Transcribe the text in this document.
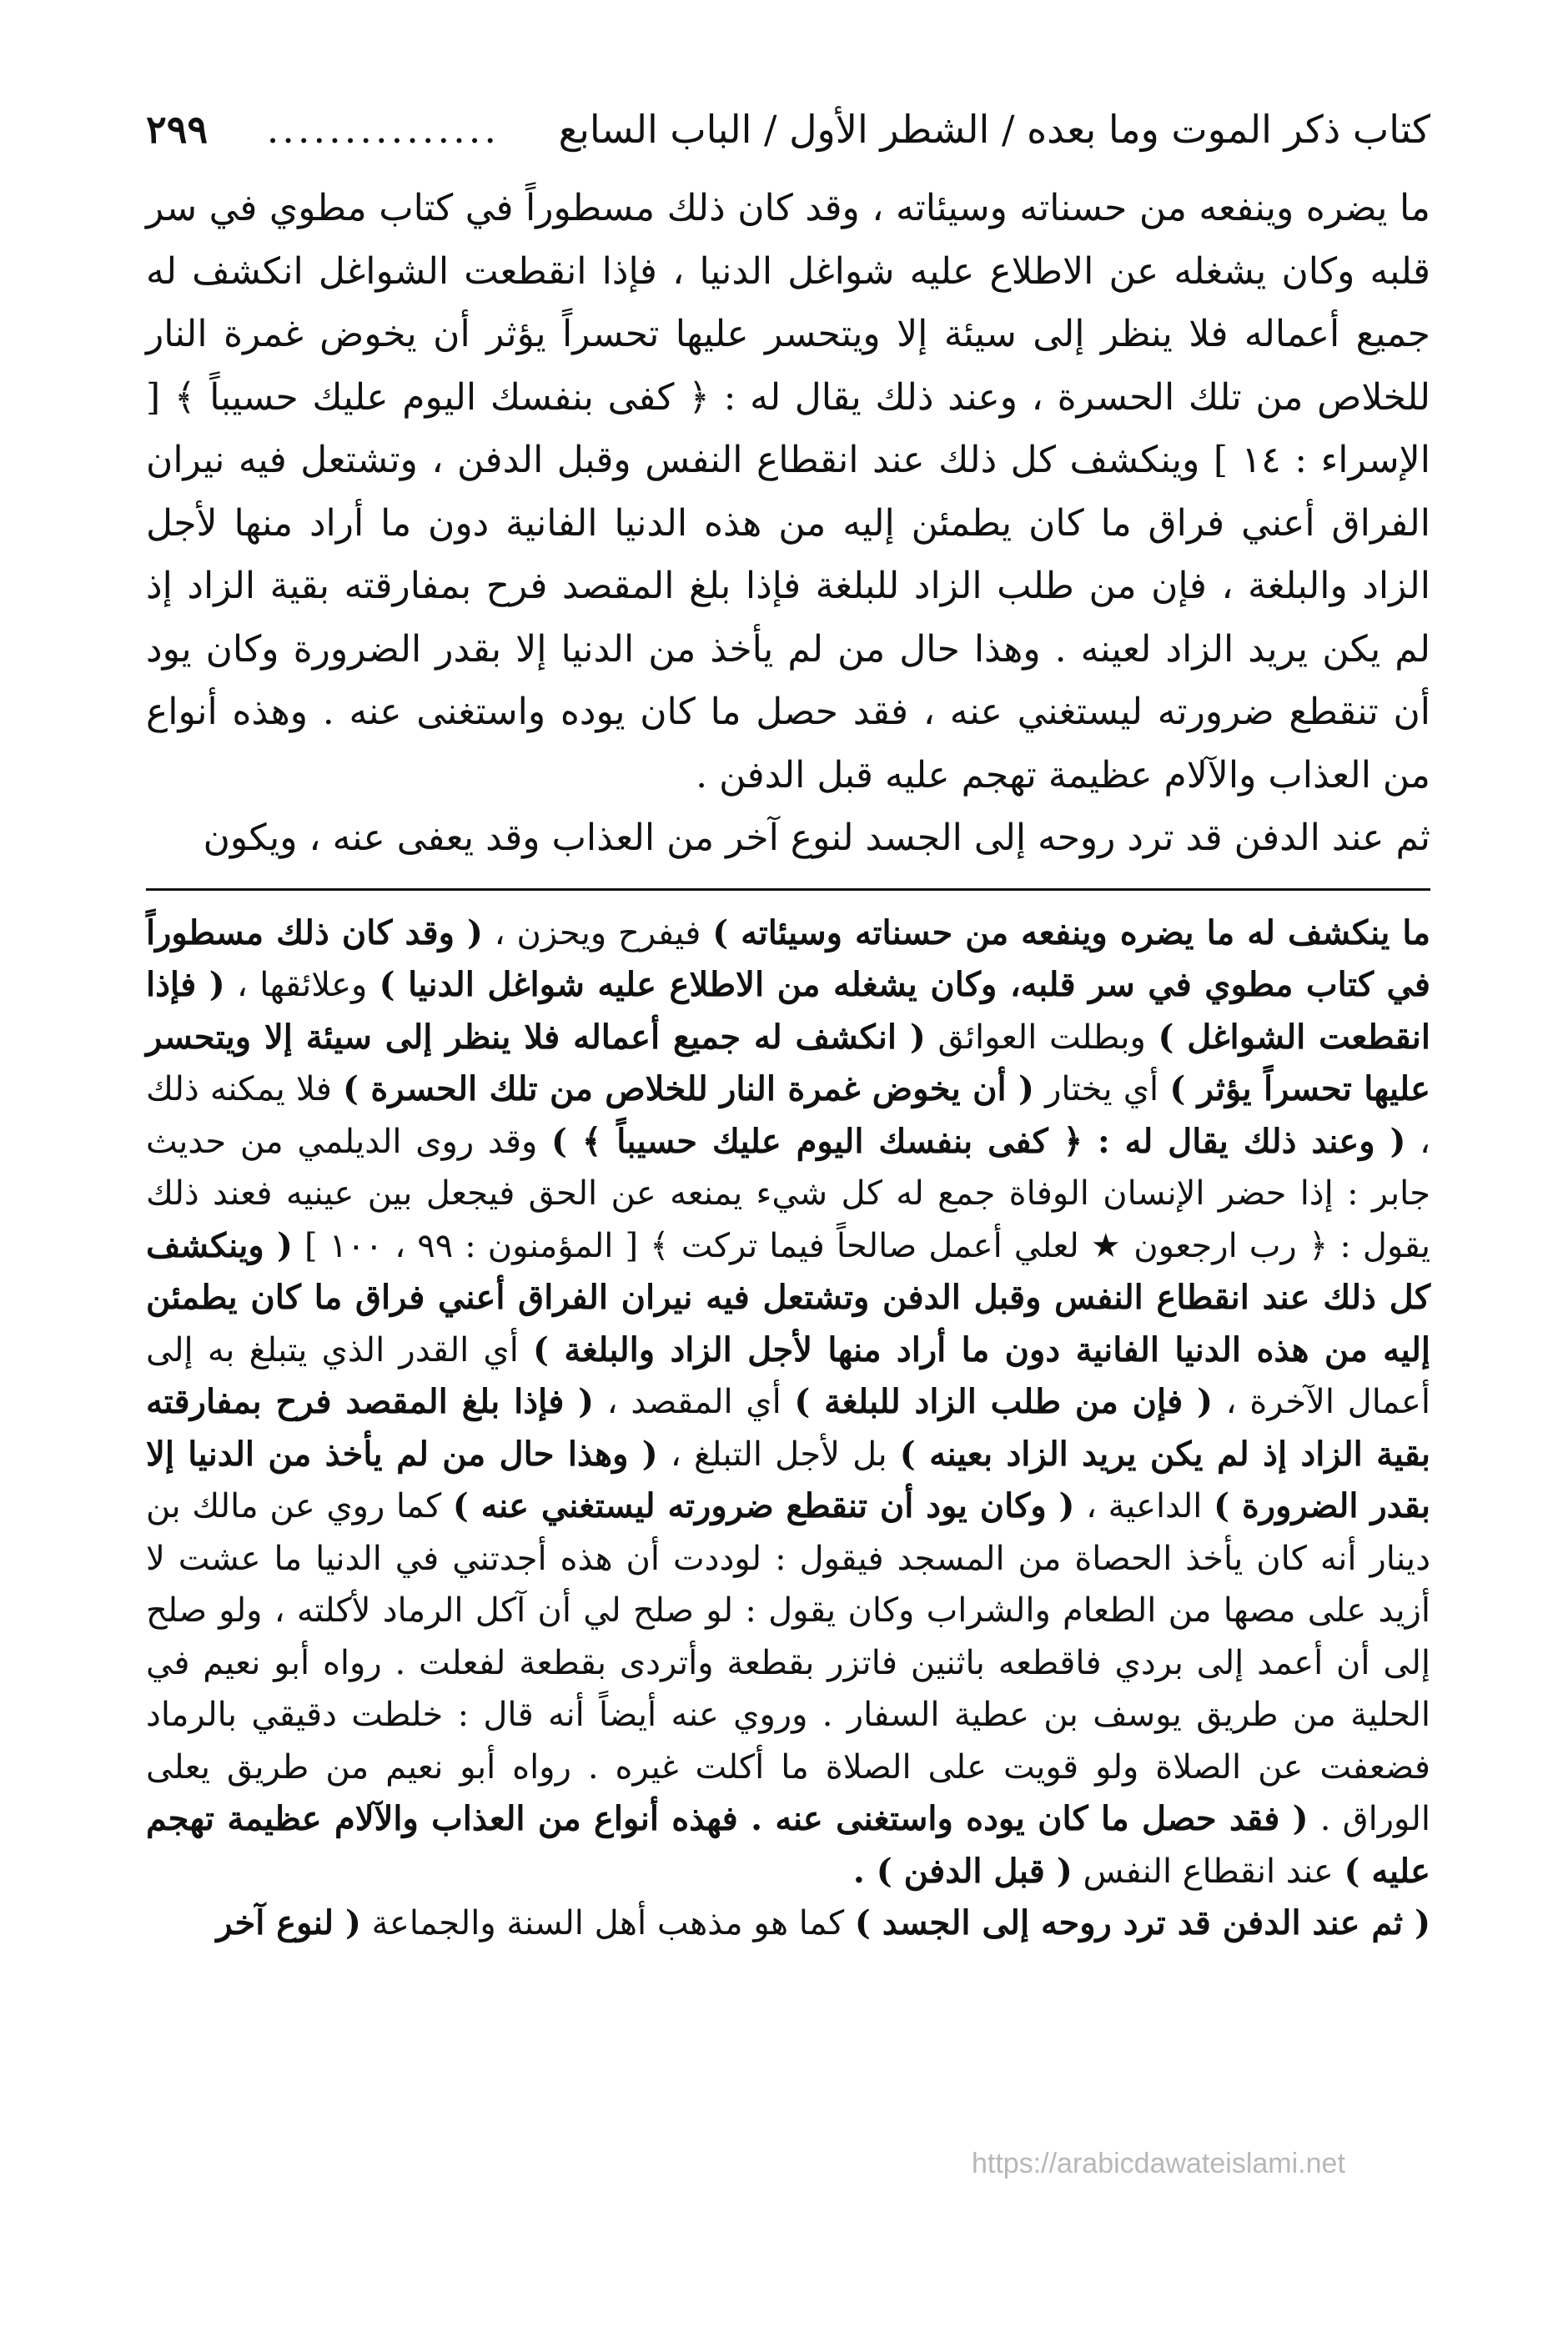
كتاب ذكر الموت وما بعده / الشطر الأول / الباب السابع
...............
٢٩٩

ما يضره وينفعه من حسناته وسيئاته ، وقد كان ذلك مسطوراً في كتاب مطوي في سر قلبه وكان يشغله عن الاطلاع عليه شواغل الدنيا ، فإذا انقطعت الشواغل انكشف له جميع أعماله فلا ينظر إلى سيئة إلا ويتحسر عليها تحسراً يؤثر أن يخوض غمرة النار للخلاص من تلك الحسرة ، وعند ذلك يقال له : ﴿ كفى بنفسك اليوم عليك حسيباً ﴾ [ الإسراء : ١٤ ] وينكشف كل ذلك عند انقطاع النفس وقبل الدفن ، وتشتعل فيه نيران الفراق أعني فراق ما كان يطمئن إليه من هذه الدنيا الفانية دون ما أراد منها لأجل الزاد والبلغة ، فإن من طلب الزاد للبلغة فإذا بلغ المقصد فرح بمفارقته بقية الزاد إذ لم يكن يريد الزاد لعينه . وهذا حال من لم يأخذ من الدنيا إلا بقدر الضرورة وكان يود أن تنقطع ضرورته ليستغني عنه ، فقد حصل ما كان يوده واستغنى عنه . وهذه أنواع من العذاب والآلام عظيمة تهجم عليه قبل الدفن .

ثم عند الدفن قد ترد روحه إلى الجسد لنوع آخر من العذاب وقد يعفى عنه ، ويكون

ما ينكشف له ما يضره وينفعه من حسناته وسيئاته ) فيفرح ويحزن ، ( وقد كان ذلك مسطوراً في كتاب مطوي في سر قلبه، وكان يشغله من الاطلاع عليه شواغل الدنيا ) وعلائقها ، ( فإذا انقطعت الشواغل ) وبطلت العوائق ( انكشف له جميع أعماله فلا ينظر إلى سيئة إلا ويتحسر عليها تحسراً يؤثر ) أي يختار ( أن يخوض غمرة النار للخلاص من تلك الحسرة ) فلا يمكنه ذلك ، ( وعند ذلك يقال له : ﴿ كفى بنفسك اليوم عليك حسيباً ﴾ ) وقد روى الديلمي من حديث جابر : إذا حضر الإنسان الوفاة جمع له كل شيء يمنعه عن الحق فيجعل بين عينيه فعند ذلك يقول : ﴿ رب ارجعون ★ لعلي أعمل صالحاً فيما تركت ﴾ [ المؤمنون : ٩٩ ، ١٠٠ ] ( وينكشف كل ذلك عند انقطاع النفس وقبل الدفن وتشتعل فيه نيران الفراق أعني فراق ما كان يطمئن إليه من هذه الدنيا الفانية دون ما أراد منها لأجل الزاد والبلغة ) أي القدر الذي يتبلغ به إلى أعمال الآخرة ، ( فإن من طلب الزاد للبلغة ) أي المقصد ، ( فإذا بلغ المقصد فرح بمفارقته بقية الزاد إذ لم يكن يريد الزاد بعينه ) بل لأجل التبلغ ، ( وهذا حال من لم يأخذ من الدنيا إلا بقدر الضرورة ) الداعية ، ( وكان يود أن تنقطع ضرورته ليستغني عنه ) كما روي عن مالك بن دينار أنه كان يأخذ الحصاة من المسجد فيقول : لوددت أن هذه أجدتني في الدنيا ما عشت لا أزيد على مصها من الطعام والشراب وكان يقول : لو صلح لي أن آكل الرماد لأكلته ، ولو صلح إلى أن أعمد إلى بردي فاقطعه باثنين فاتزر بقطعة وأتردى بقطعة لفعلت . رواه أبو نعيم في الحلية من طريق يوسف بن عطية السفار . وروي عنه أيضاً أنه قال : خلطت دقيقي بالرماد فضعفت عن الصلاة ولو قويت على الصلاة ما أكلت غيره . رواه أبو نعيم من طريق يعلى الوراق . ( فقد حصل ما كان يوده واستغنى عنه . فهذه أنواع من العذاب والآلام عظيمة تهجم عليه ) عند انقطاع النفس ( قبل الدفن ) .

( ثم عند الدفن قد ترد روحه إلى الجسد ) كما هو مذهب أهل السنة والجماعة ( لنوع آخر

https://arabicdawateislami.net
